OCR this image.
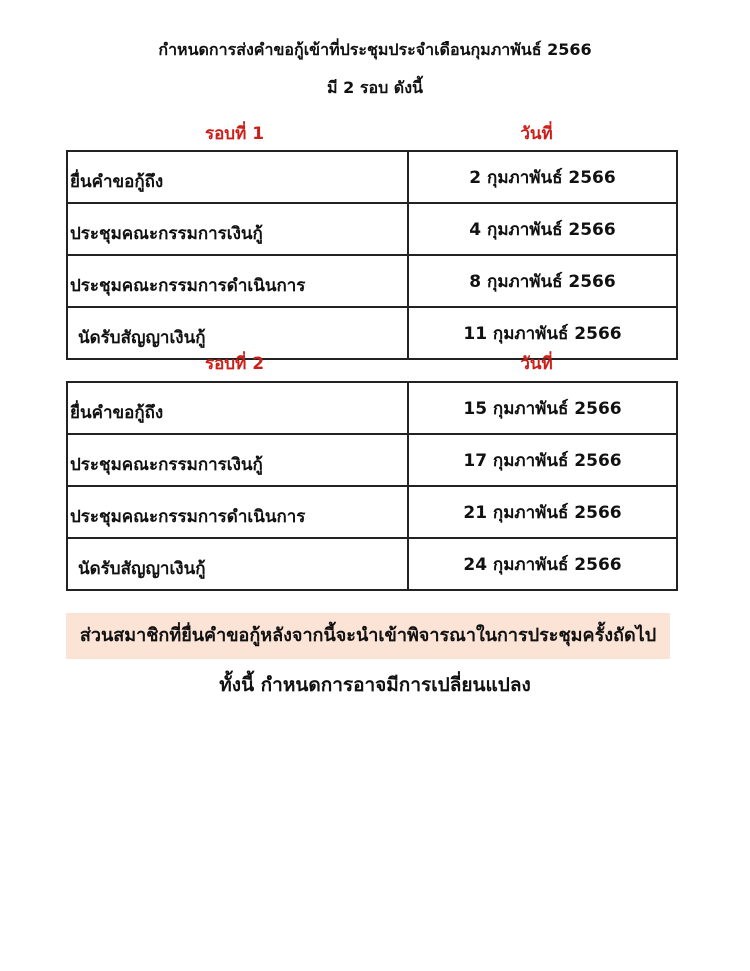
กำหนดการส่งคำขอกู้เข้าที่ประชุมประจำเดือนกุมภาพันธ์ 2566
มี 2 รอบ ดังนี้
รอบที่ 1	วันที่
ยื่นคำขอกู้ถึง	2 กุมภาพันธ์ 2566
ประชุมคณะกรรมการเงินกู้	4 กุมภาพันธ์ 2566
ประชุมคณะกรรมการดำเนินการ	8 กุมภาพันธ์ 2566
นัดรับสัญญาเงินกู้	11 กุมภาพันธ์ 2566
รอบที่ 2	วันที่
ยื่นคำขอกู้ถึง	15 กุมภาพันธ์ 2566
ประชุมคณะกรรมการเงินกู้	17 กุมภาพันธ์ 2566
ประชุมคณะกรรมการดำเนินการ	21 กุมภาพันธ์ 2566
นัดรับสัญญาเงินกู้	24 กุมภาพันธ์ 2566
ส่วนสมาชิกที่ยื่นคำขอกู้หลังจากนี้จะนำเข้าพิจารณาในการประชุมครั้งถัดไป
ทั้งนี้ กำหนดการอาจมีการเปลี่ยนแปลง
